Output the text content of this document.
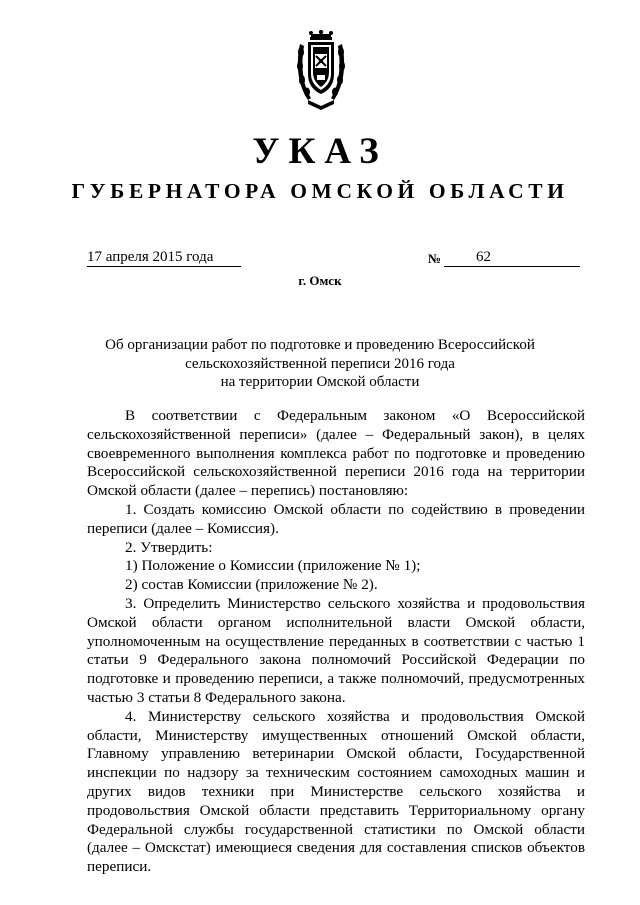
УКАЗ
ГУБЕРНАТОРА ОМСКОЙ ОБЛАСТИ
17 апреля 2015 года	№	62
г. Омск
Об организации работ по подготовке и проведению Всероссийской
сельскохозяйственной переписи 2016 года
на территории Омской области

В соответствии с Федеральным законом «О Всероссийской сельскохозяйственной переписи» (далее – Федеральный закон), в целях своевременного выполнения комплекса работ по подготовке и проведению Всероссийской сельскохозяйственной переписи 2016 года на территории Омской области (далее – перепись) постановляю:

1. Создать комиссию Омской области по содействию в проведении переписи (далее – Комиссия).

2. Утвердить:

1) Положение о Комиссии (приложение № 1);

2) состав Комиссии (приложение № 2).

3. Определить Министерство сельского хозяйства и продовольствия Омской области органом исполнительной власти Омской области, уполномоченным на осуществление переданных в соответствии с частью 1 статьи 9 Федерального закона полномочий Российской Федерации по подготовке и проведению переписи, а также полномочий, предусмотренных частью 3 статьи 8 Федерального закона.

4. Министерству сельского хозяйства и продовольствия Омской области, Министерству имущественных отношений Омской области, Главному управлению ветеринарии Омской области, Государственной инспекции по надзору за техническим состоянием самоходных машин и других видов техники при Министерстве сельского хозяйства и продовольствия Омской области представить Территориальному органу Федеральной службы государственной статистики по Омской области (далее – Омскстат) имеющиеся сведения для составления списков объектов переписи.
